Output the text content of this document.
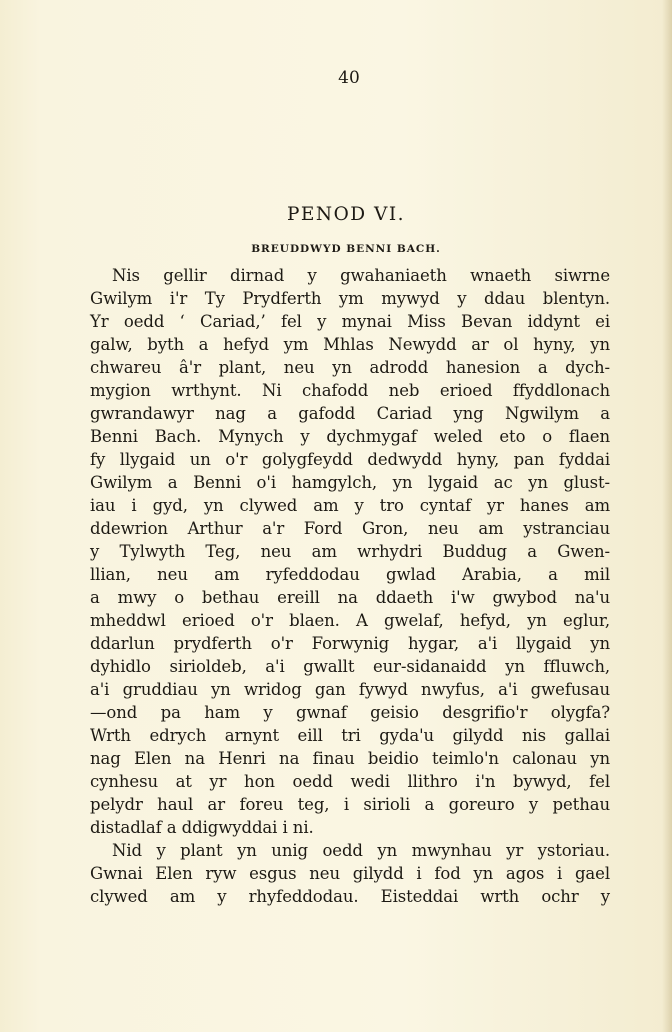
40
PENOD VI.
BREUDDWYD BENNI BACH.
Nis gellir dirnad y gwahaniaeth wnaeth siwrne
Gwilym i'r Ty Prydferth ym mywyd y ddau blentyn.
Yr oedd ‘ Cariad,’ fel y mynai Miss Bevan iddynt ei
galw, byth a hefyd ym Mhlas Newydd ar ol hyny, yn
chwareu â'r plant, neu yn adrodd hanesion a dych-
mygion wrthynt. Ni chafodd neb erioed ffyddlonach
gwrandawyr nag a gafodd Cariad yng Ngwilym a
Benni Bach. Mynych y dychmygaf weled eto o flaen
fy llygaid un o'r golygfeydd dedwydd hyny, pan fyddai
Gwilym a Benni o'i hamgylch, yn lygaid ac yn glust-
iau i gyd, yn clywed am y tro cyntaf yr hanes am
ddewrion Arthur a'r Ford Gron, neu am ystranciau
y Tylwyth Teg, neu am wrhydri Buddug a Gwen-
llian, neu am ryfeddodau gwlad Arabia, a mil
a mwy o bethau ereill na ddaeth i'w gwybod na'u
mheddwl erioed o'r blaen. A gwelaf, hefyd, yn eglur,
ddarlun prydferth o'r Forwynig hygar, a'i llygaid yn
dyhidlo sirioldeb, a'i gwallt eur-sidanaidd yn ffluwch,
a'i gruddiau yn wridog gan fywyd nwyfus, a'i gwefusau
—ond pa ham y gwnaf geisio desgrifio'r olygfa?
Wrth edrych arnynt eill tri gyda'u gilydd nis gallai
nag Elen na Henri na finau beidio teimlo'n calonau yn
cynhesu at yr hon oedd wedi llithro i'n bywyd, fel
pelydr haul ar foreu teg, i sirioli a goreuro y pethau
distadlaf a ddigwyddai i ni.
Nid y plant yn unig oedd yn mwynhau yr ystoriau.
Gwnai Elen ryw esgus neu gilydd i fod yn agos i gael
clywed am y rhyfeddodau. Eisteddai wrth ochr y
